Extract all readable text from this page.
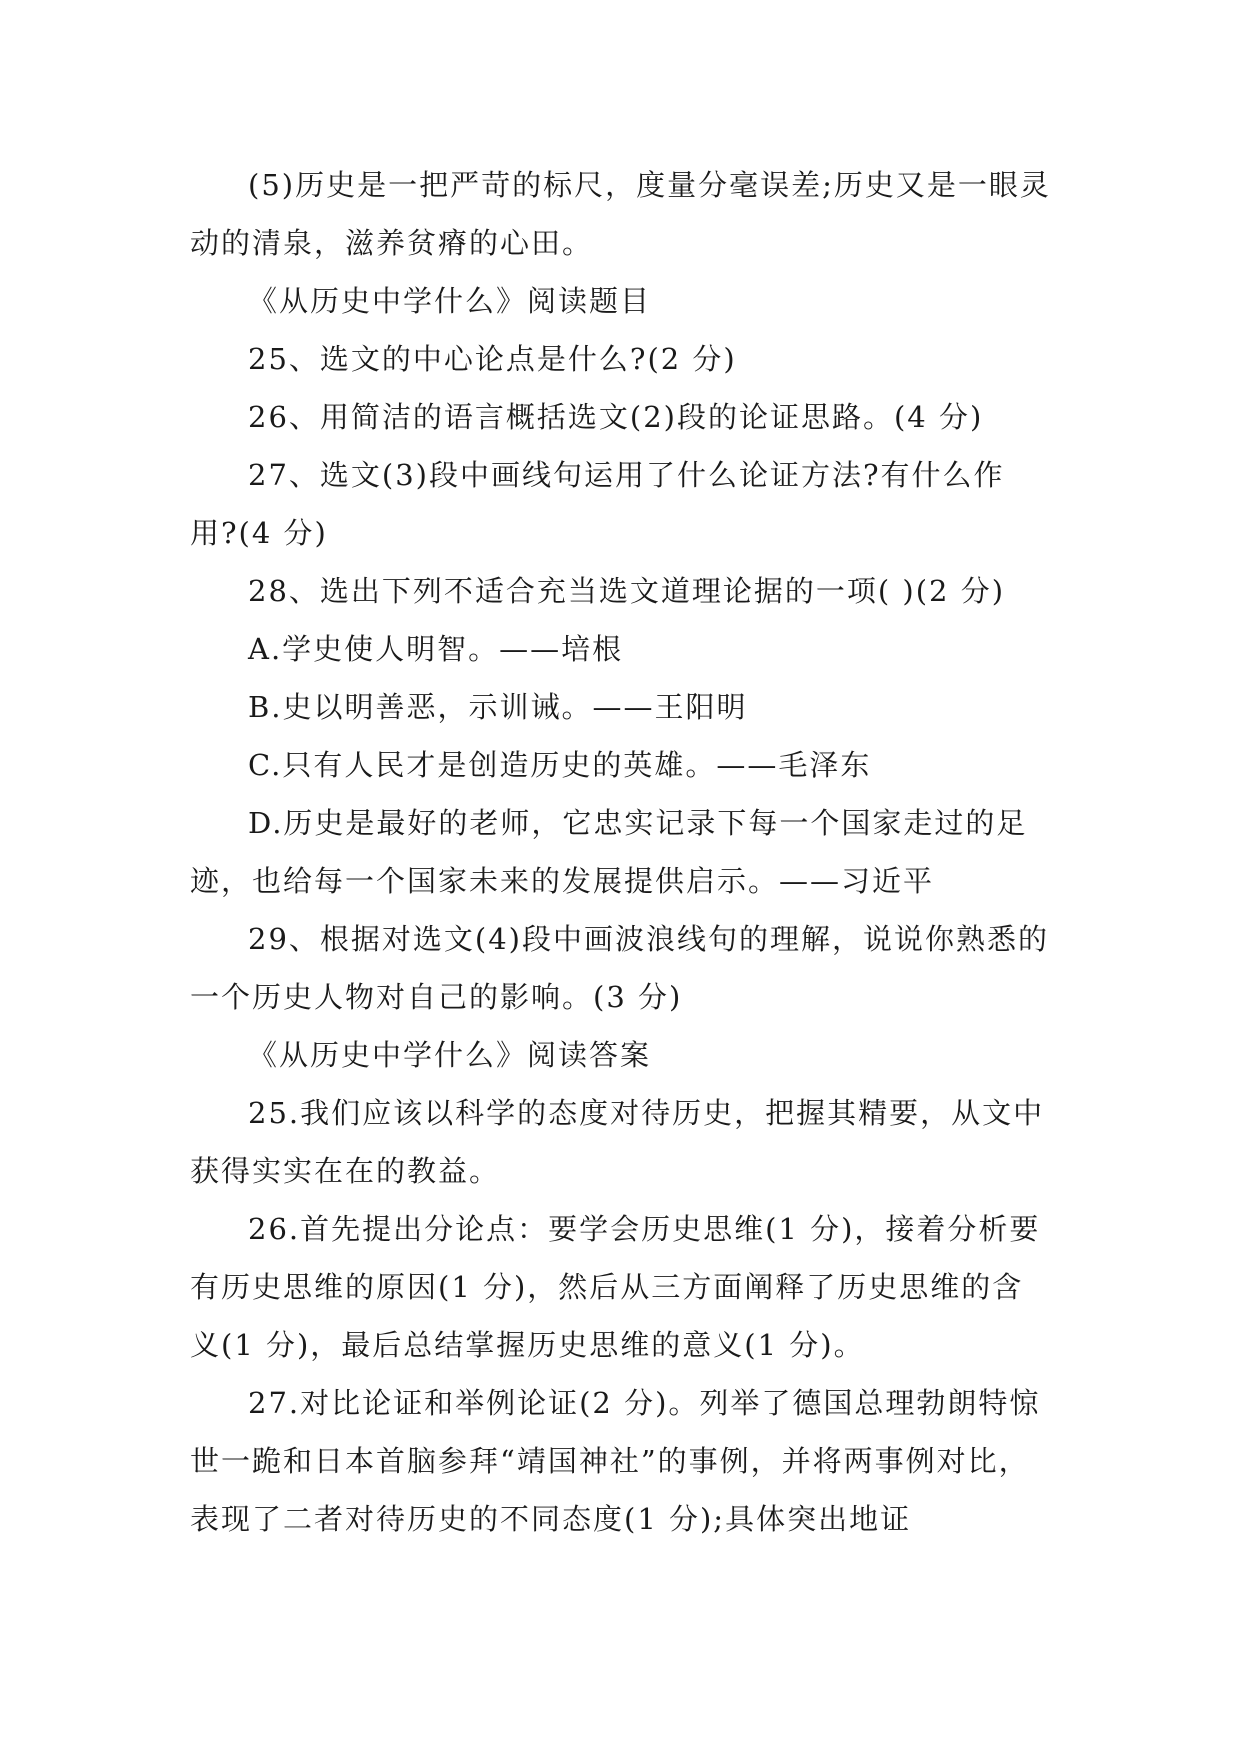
(5)历史是一把严苛的标尺，度量分毫误差;历史又是一眼灵动的清泉，滋养贫瘠的心田。

《从历史中学什么》阅读题目

25、选文的中心论点是什么?(2 分)

26、用简洁的语言概括选文(2)段的论证思路。(4 分)

27、选文(3)段中画线句运用了什么论证方法?有什么作用?(4 分)

28、选出下列不适合充当选文道理论据的一项( )(2 分)

A.学史使人明智。——培根

B.史以明善恶，示训诫。——王阳明

C.只有人民才是创造历史的英雄。——毛泽东

D.历史是最好的老师，它忠实记录下每一个国家走过的足迹，也给每一个国家未来的发展提供启示。——习近平

29、根据对选文(4)段中画波浪线句的理解，说说你熟悉的一个历史人物对自己的影响。(3 分)

《从历史中学什么》阅读答案

25.我们应该以科学的态度对待历史，把握其精要，从文中获得实实在在的教益。

26.首先提出分论点：要学会历史思维(1 分)，接着分析要有历史思维的原因(1 分)，然后从三方面阐释了历史思维的含义(1 分)，最后总结掌握历史思维的意义(1 分)。

27.对比论证和举例论证(2 分)。列举了德国总理勃朗特惊世一跪和日本首脑参拜“靖国神社”的事例，并将两事例对比，表现了二者对待历史的不同态度(1 分);具体突出地证
